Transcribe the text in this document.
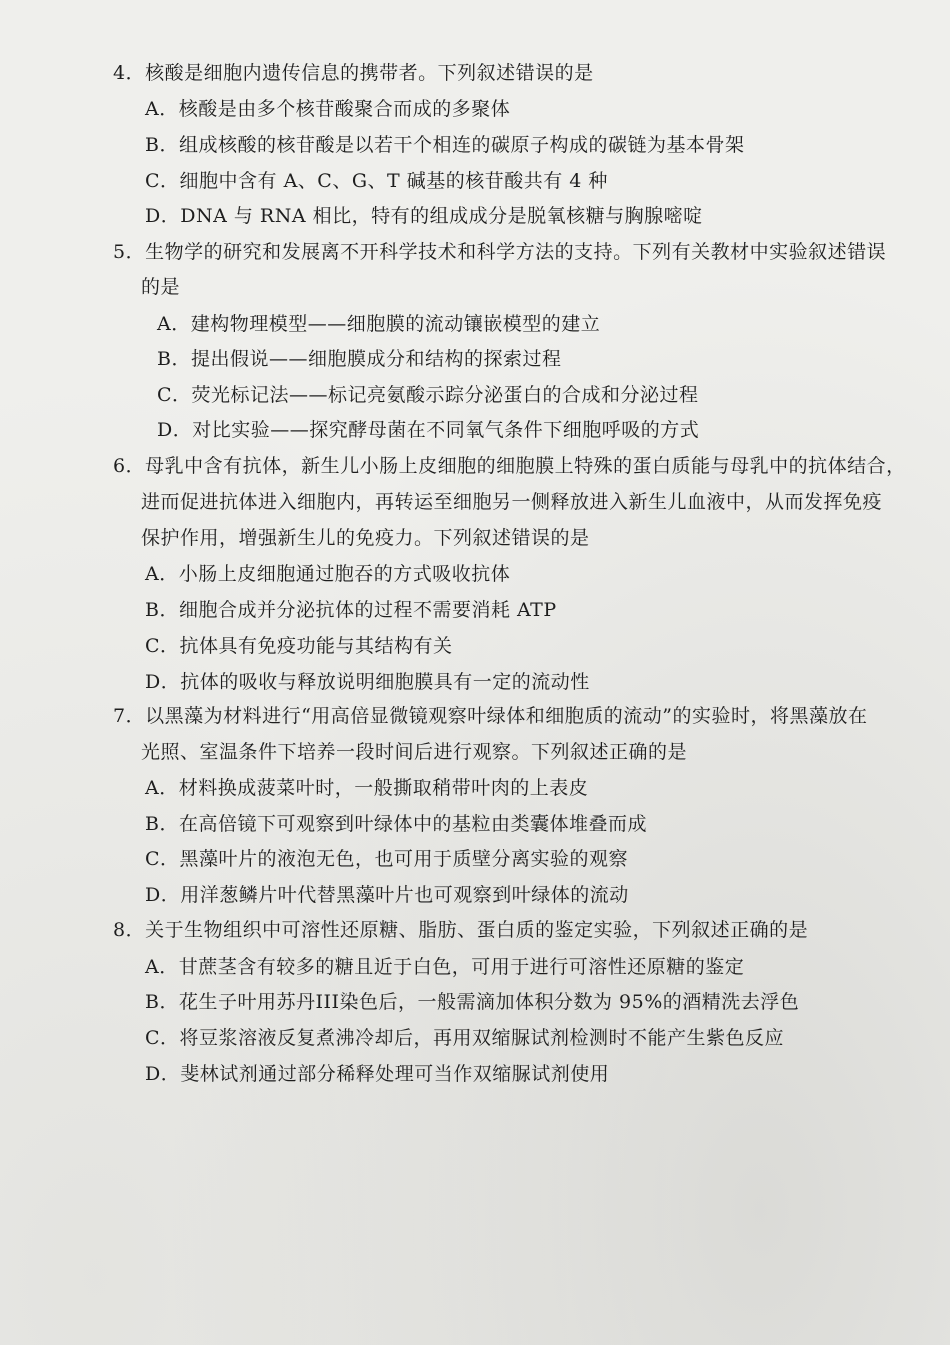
4．核酸是细胞内遗传信息的携带者。下列叙述错误的是
A．核酸是由多个核苷酸聚合而成的多聚体
B．组成核酸的核苷酸是以若干个相连的碳原子构成的碳链为基本骨架
C．细胞中含有 A、C、G、T 碱基的核苷酸共有 4 种
D．DNA 与 RNA 相比，特有的组成成分是脱氧核糖与胸腺嘧啶
5．生物学的研究和发展离不开科学技术和科学方法的支持。下列有关教材中实验叙述错误
的是
A．建构物理模型——细胞膜的流动镶嵌模型的建立
B．提出假说——细胞膜成分和结构的探索过程
C．荧光标记法——标记亮氨酸示踪分泌蛋白的合成和分泌过程
D．对比实验——探究酵母菌在不同氧气条件下细胞呼吸的方式
6．母乳中含有抗体，新生儿小肠上皮细胞的细胞膜上特殊的蛋白质能与母乳中的抗体结合，
进而促进抗体进入细胞内，再转运至细胞另一侧释放进入新生儿血液中，从而发挥免疫
保护作用，增强新生儿的免疫力。下列叙述错误的是
A．小肠上皮细胞通过胞吞的方式吸收抗体
B．细胞合成并分泌抗体的过程不需要消耗 ATP
C．抗体具有免疫功能与其结构有关
D．抗体的吸收与释放说明细胞膜具有一定的流动性
7．以黑藻为材料进行“用高倍显微镜观察叶绿体和细胞质的流动”的实验时，将黑藻放在
光照、室温条件下培养一段时间后进行观察。下列叙述正确的是
A．材料换成菠菜叶时，一般撕取稍带叶肉的上表皮
B．在高倍镜下可观察到叶绿体中的基粒由类囊体堆叠而成
C．黑藻叶片的液泡无色，也可用于质壁分离实验的观察
D．用洋葱鳞片叶代替黑藻叶片也可观察到叶绿体的流动
8．关于生物组织中可溶性还原糖、脂肪、蛋白质的鉴定实验，下列叙述正确的是
A．甘蔗茎含有较多的糖且近于白色，可用于进行可溶性还原糖的鉴定
B．花生子叶用苏丹III染色后，一般需滴加体积分数为 95%的酒精洗去浮色
C．将豆浆溶液反复煮沸冷却后，再用双缩脲试剂检测时不能产生紫色反应
D．斐林试剂通过部分稀释处理可当作双缩脲试剂使用
